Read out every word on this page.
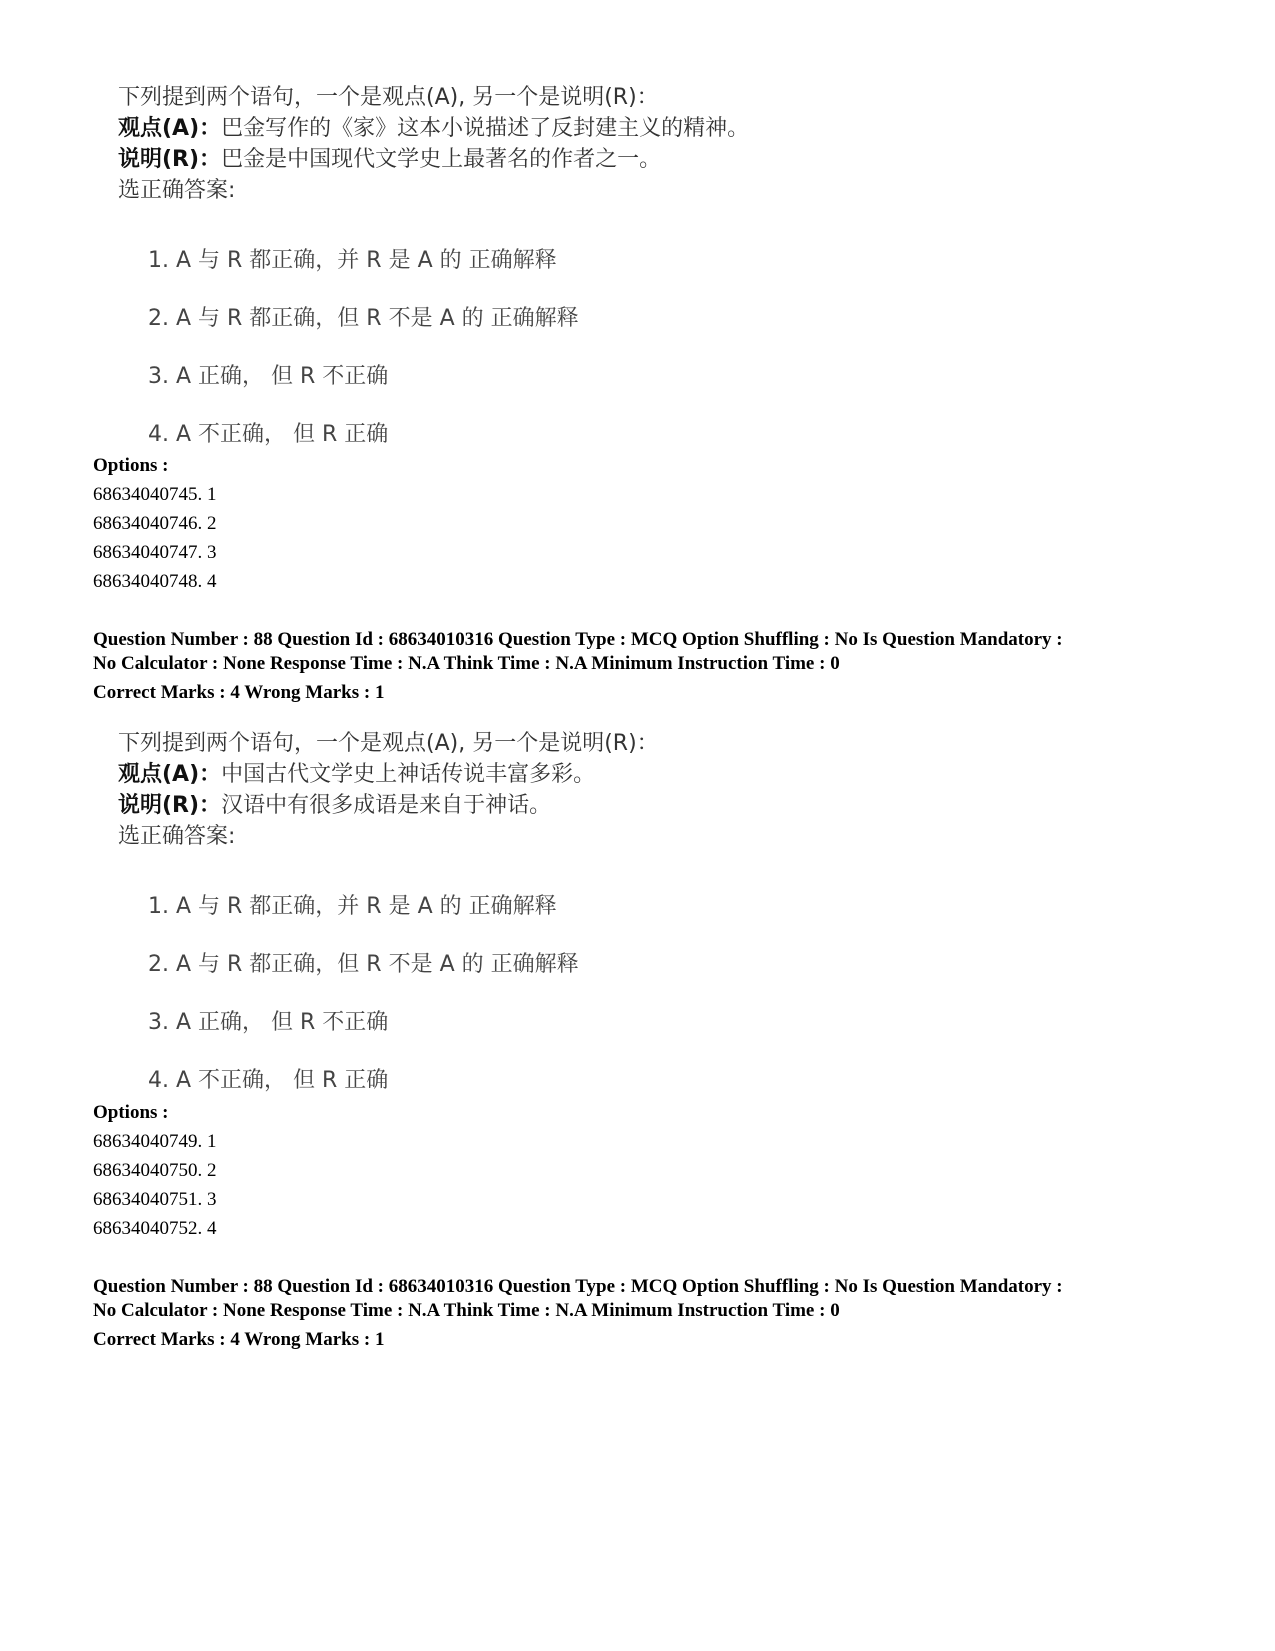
下列提到两个语句，一个是观点(A), 另一个是说明(R)：
观点(A)：巴金写作的《家》这本小说描述了反封建主义的精神。
说明(R)：巴金是中国现代文学史上最著名的作者之一。
选正确答案:
1. A 与 R 都正确，并 R 是 A 的 正确解释
2. A 与 R 都正确，但 R 不是 A 的 正确解释
3. A 正确， 但 R 不正确
4. A 不正确， 但 R 正确
Options :
68634040745. 1
68634040746. 2
68634040747. 3
68634040748. 4
Question Number : 88 Question Id : 68634010316 Question Type : MCQ Option Shuffling : No Is Question Mandatory :
No Calculator : None Response Time : N.A Think Time : N.A Minimum Instruction Time : 0
Correct Marks : 4 Wrong Marks : 1
下列提到两个语句，一个是观点(A), 另一个是说明(R)：
观点(A)：中国古代文学史上神话传说丰富多彩。
说明(R)：汉语中有很多成语是来自于神话。
选正确答案:
1. A 与 R 都正确，并 R 是 A 的 正确解释
2. A 与 R 都正确，但 R 不是 A 的 正确解释
3. A 正确， 但 R 不正确
4. A 不正确， 但 R 正确
Options :
68634040749. 1
68634040750. 2
68634040751. 3
68634040752. 4
Question Number : 88 Question Id : 68634010316 Question Type : MCQ Option Shuffling : No Is Question Mandatory :
No Calculator : None Response Time : N.A Think Time : N.A Minimum Instruction Time : 0
Correct Marks : 4 Wrong Marks : 1
